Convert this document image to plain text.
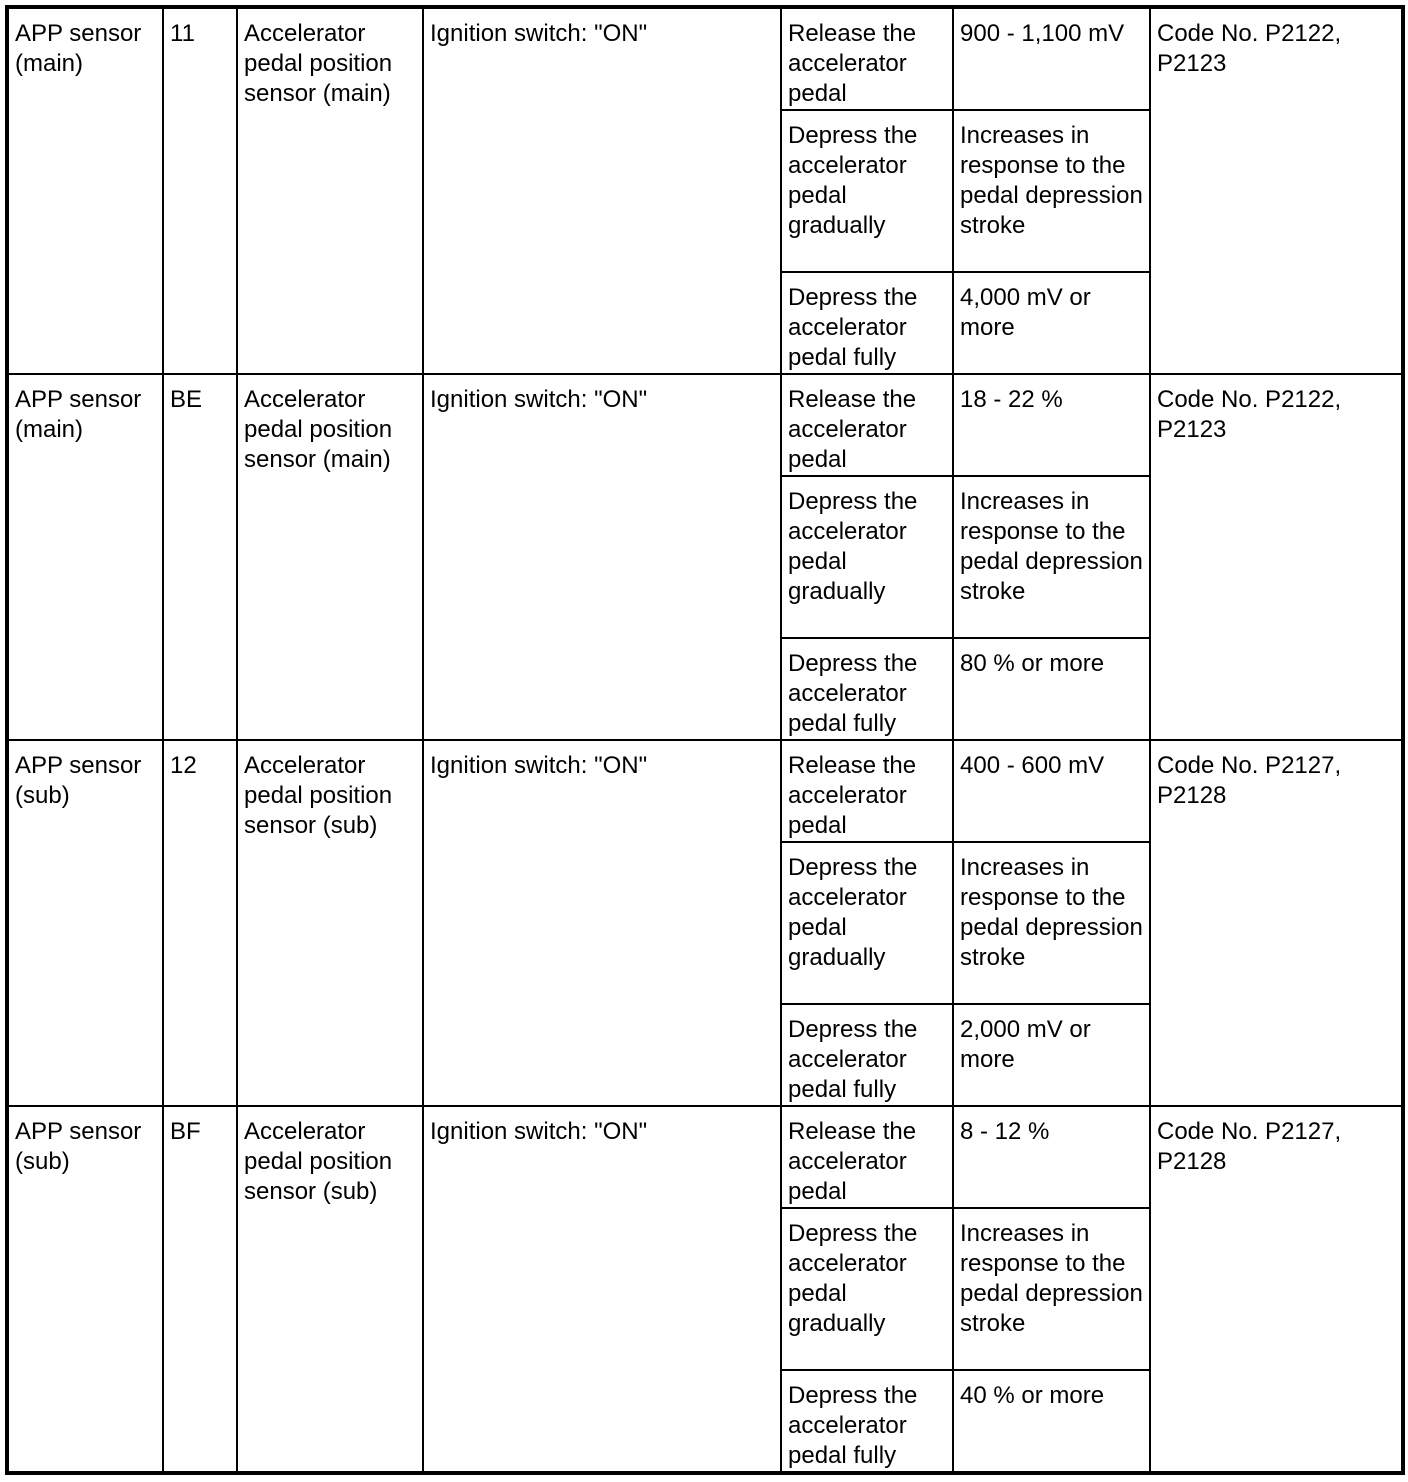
APP sensor (main)	11	Accelerator pedal position sensor (main)	Ignition switch: "ON"	Release the accelerator pedal	900 - 1,100 mV	Code No. P2122, P2123
				Depress the accelerator pedal gradually	Increases in response to the pedal depression stroke	
				Depress the accelerator pedal fully	4,000 mV or more	
APP sensor (main)	BE	Accelerator pedal position sensor (main)	Ignition switch: "ON"	Release the accelerator pedal	18 - 22 %	Code No. P2122, P2123
				Depress the accelerator pedal gradually	Increases in response to the pedal depression stroke	
				Depress the accelerator pedal fully	80 % or more	
APP sensor (sub)	12	Accelerator pedal position sensor (sub)	Ignition switch: "ON"	Release the accelerator pedal	400 - 600 mV	Code No. P2127, P2128
				Depress the accelerator pedal gradually	Increases in response to the pedal depression stroke	
				Depress the accelerator pedal fully	2,000 mV or more	
APP sensor (sub)	BF	Accelerator pedal position sensor (sub)	Ignition switch: "ON"	Release the accelerator pedal	8 - 12 %	Code No. P2127, P2128
				Depress the accelerator pedal gradually	Increases in response to the pedal depression stroke	
				Depress the accelerator pedal fully	40 % or more	
